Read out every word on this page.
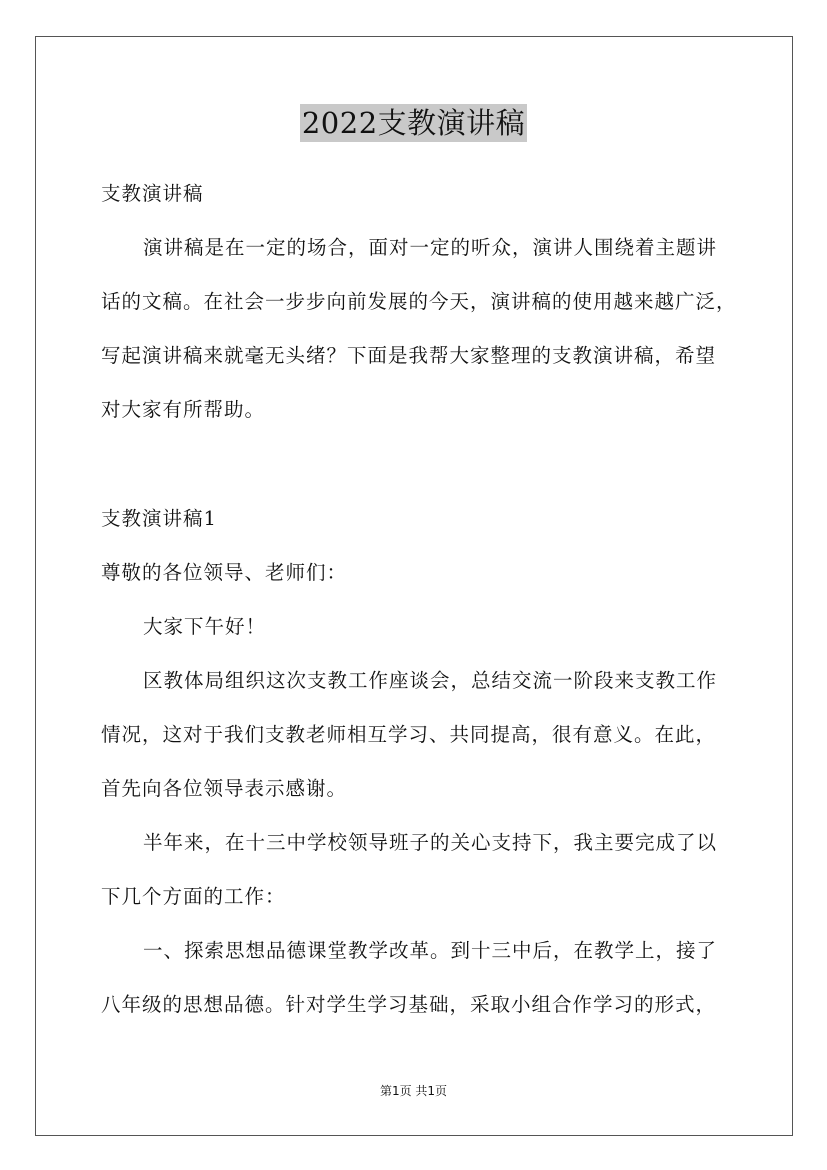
2022支教演讲稿
支教演讲稿
演讲稿是在一定的场合，面对一定的听众，演讲人围绕着主题讲
话的文稿。在社会一步步向前发展的今天，演讲稿的使用越来越广泛，
写起演讲稿来就毫无头绪？下面是我帮大家整理的支教演讲稿，希望
对大家有所帮助。
支教演讲稿1
尊敬的各位领导、老师们：
大家下午好！
区教体局组织这次支教工作座谈会，总结交流一阶段来支教工作
情况，这对于我们支教老师相互学习、共同提高，很有意义。在此，
首先向各位领导表示感谢。
半年来，在十三中学校领导班子的关心支持下，我主要完成了以
下几个方面的工作：
一、探索思想品德课堂教学改革。到十三中后，在教学上，接了
八年级的思想品德。针对学生学习基础，采取小组合作学习的形式，
第1页 共1页
